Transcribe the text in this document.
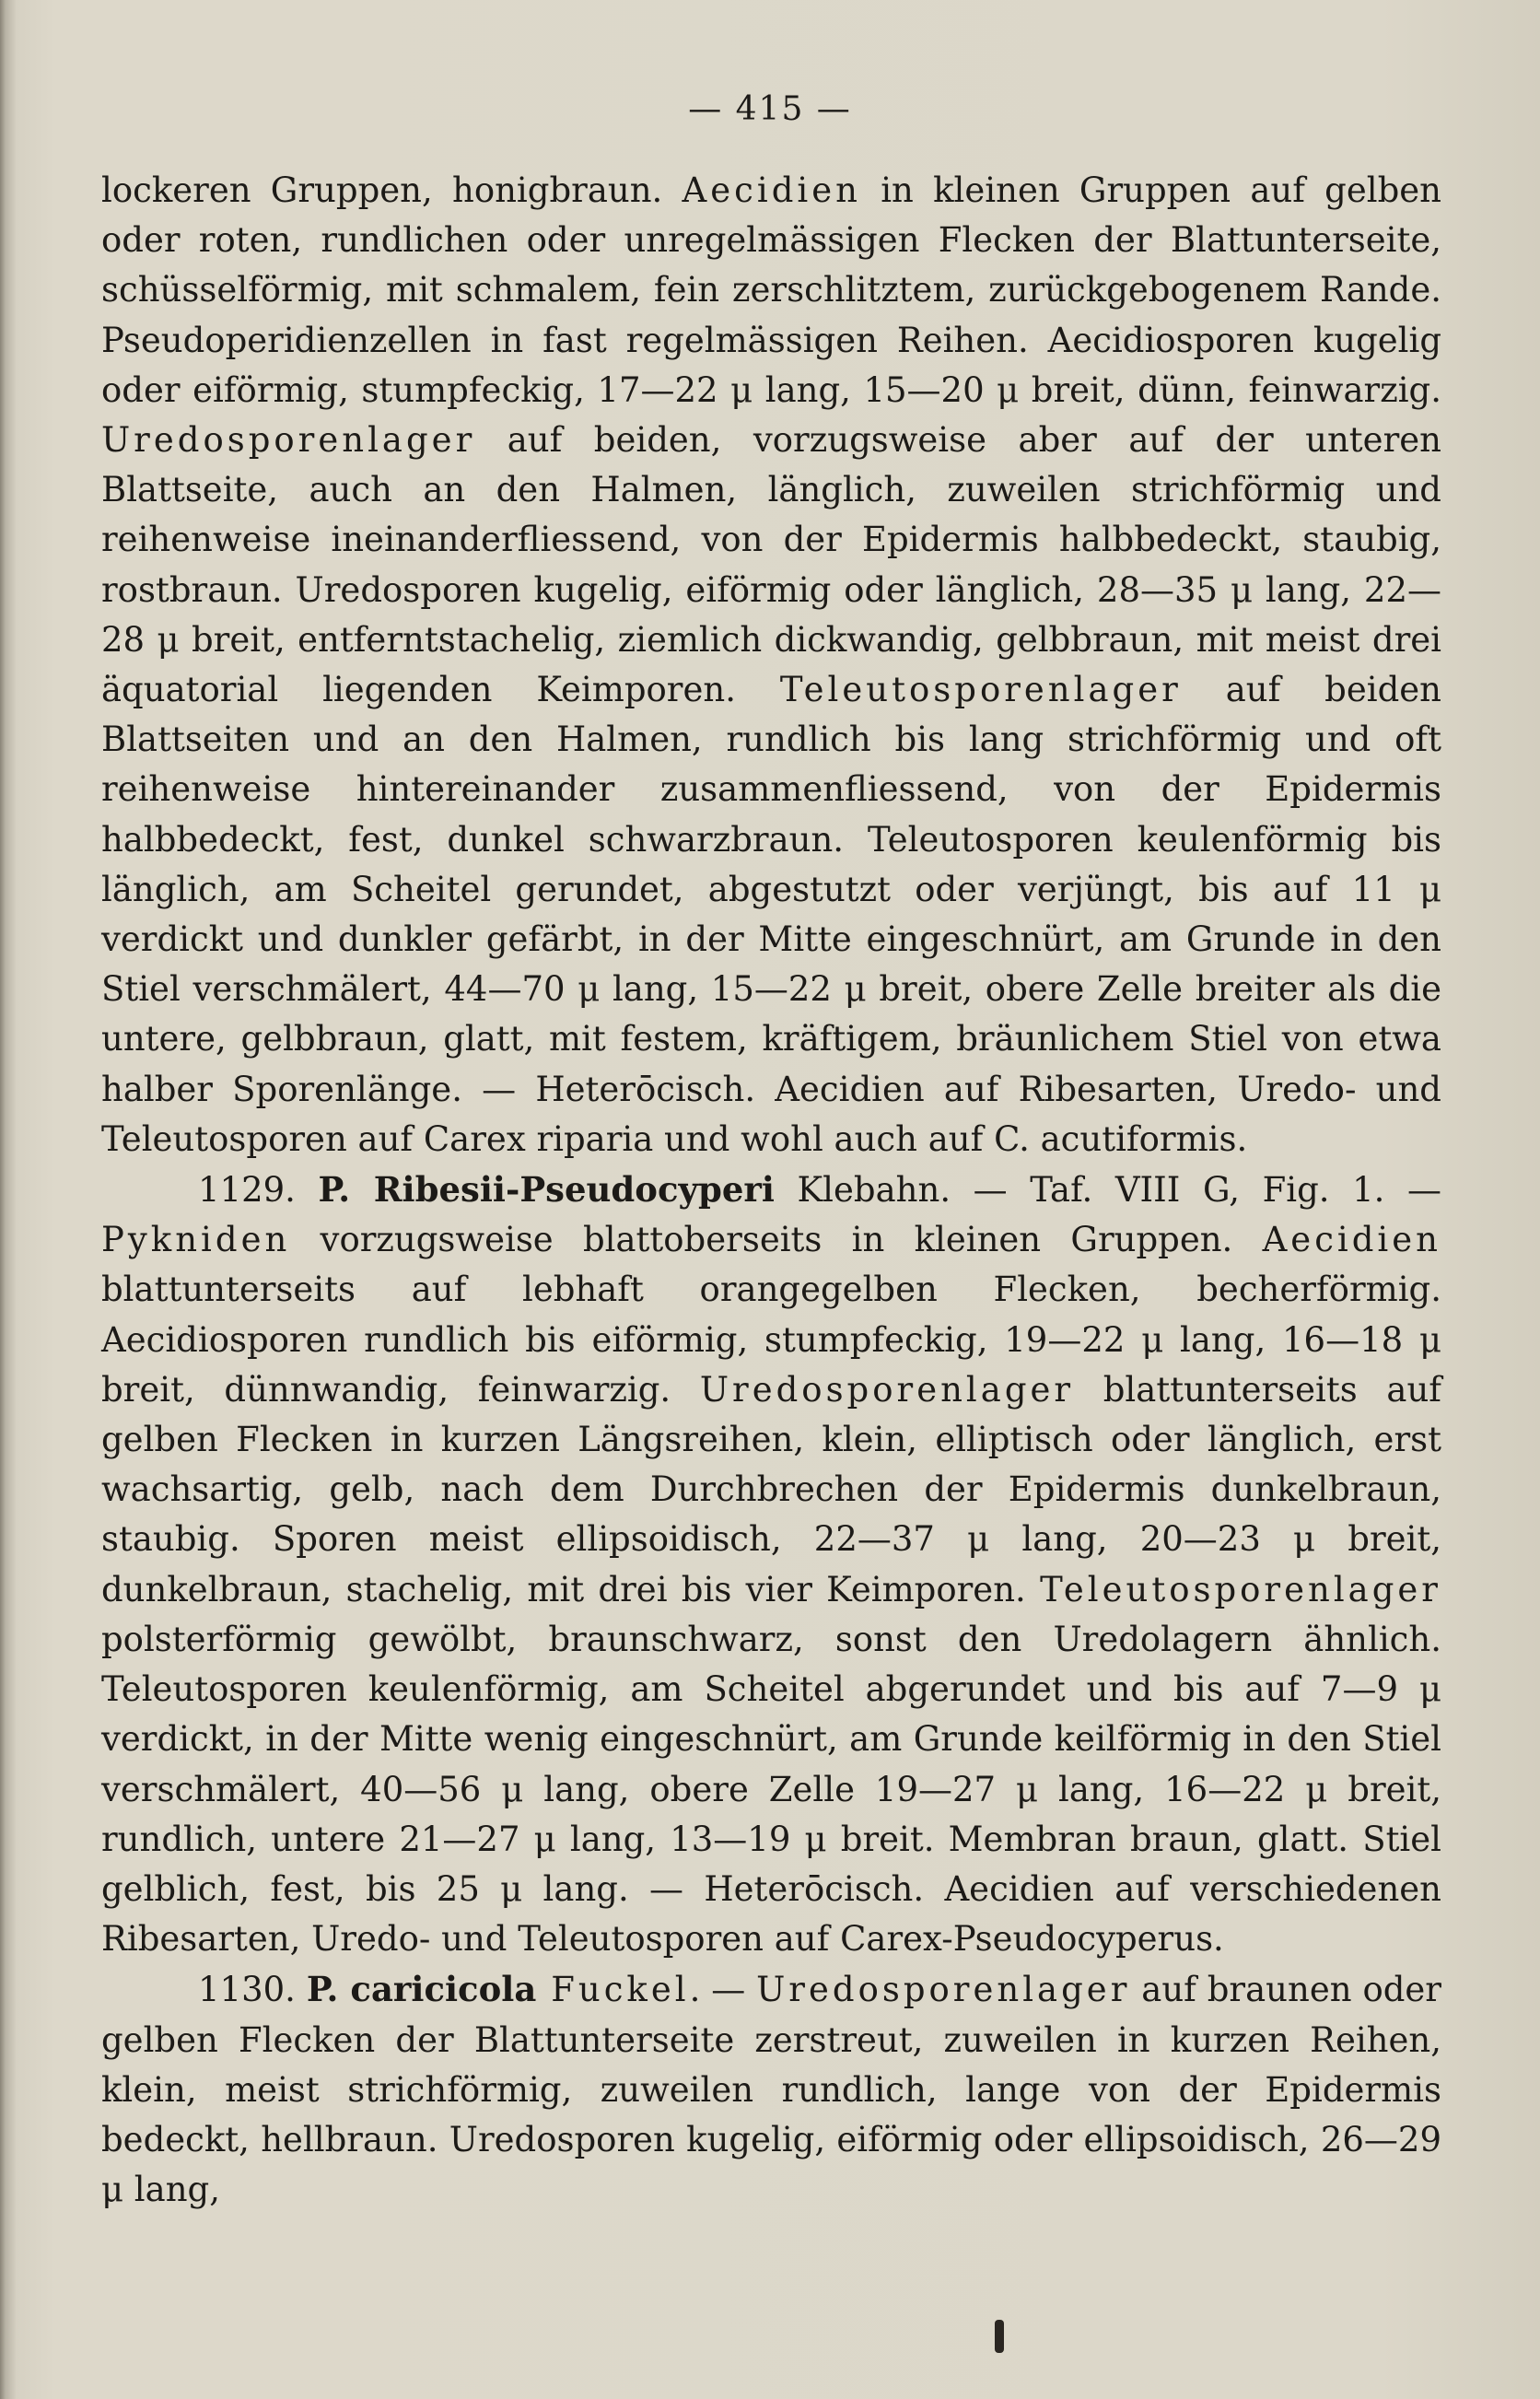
— 415 —

lockeren Gruppen, honigbraun. Aecidien in kleinen Gruppen auf gelben oder roten, rundlichen oder unregelmässigen Flecken der Blattunterseite, schüsselförmig, mit schmalem, fein zerschlitztem, zurückgebogenem Rande. Pseudoperidienzellen in fast regelmässigen Reihen. Aecidiosporen kugelig oder eiförmig, stumpfeckig, 17—22 μ lang, 15—20 μ breit, dünn, feinwarzig. Uredosporenlager auf beiden, vorzugsweise aber auf der unteren Blattseite, auch an den Halmen, länglich, zuweilen strichförmig und reihenweise ineinanderfliessend, von der Epidermis halbbedeckt, staubig, rostbraun. Uredosporen kugelig, eiförmig oder länglich, 28—35 μ lang, 22—28 μ breit, entferntstachelig, ziemlich dickwandig, gelbbraun, mit meist drei äquatorial liegenden Keimporen. Teleutosporenlager auf beiden Blattseiten und an den Halmen, rundlich bis lang strichförmig und oft reihenweise hintereinander zusammenfliessend, von der Epidermis halbbedeckt, fest, dunkel schwarzbraun. Teleutosporen keulenförmig bis länglich, am Scheitel gerundet, abgestutzt oder verjüngt, bis auf 11 μ verdickt und dunkler gefärbt, in der Mitte eingeschnürt, am Grunde in den Stiel verschmälert, 44—70 μ lang, 15—22 μ breit, obere Zelle breiter als die untere, gelbbraun, glatt, mit festem, kräftigem, bräunlichem Stiel von etwa halber Sporenlänge. — Heterōcisch. Aecidien auf Ribesarten, Uredo- und Teleutosporen auf Carex riparia und wohl auch auf C. acutiformis.

1129. P. Ribesii-Pseudocyperi Klebahn. — Taf. VIII G, Fig. 1. — Pykniden vorzugsweise blattoberseits in kleinen Gruppen. Aecidien blattunterseits auf lebhaft orangegelben Flecken, becherförmig. Aecidiosporen rundlich bis eiförmig, stumpfeckig, 19—22 μ lang, 16—18 μ breit, dünnwandig, feinwarzig. Uredosporenlager blattunterseits auf gelben Flecken in kurzen Längsreihen, klein, elliptisch oder länglich, erst wachsartig, gelb, nach dem Durchbrechen der Epidermis dunkelbraun, staubig. Sporen meist ellipsoidisch, 22—37 μ lang, 20—23 μ breit, dunkelbraun, stachelig, mit drei bis vier Keimporen. Teleutosporenlager polsterförmig gewölbt, braunschwarz, sonst den Uredolagern ähnlich. Teleutosporen keulenförmig, am Scheitel abgerundet und bis auf 7—9 μ verdickt, in der Mitte wenig eingeschnürt, am Grunde keilförmig in den Stiel verschmälert, 40—56 μ lang, obere Zelle 19—27 μ lang, 16—22 μ breit, rundlich, untere 21—27 μ lang, 13—19 μ breit. Membran braun, glatt. Stiel gelblich, fest, bis 25 μ lang. — Heterōcisch. Aecidien auf verschiedenen Ribesarten, Uredo- und Teleutosporen auf Carex-Pseudocyperus.

1130. P. caricicola Fuckel. — Uredosporenlager auf braunen oder gelben Flecken der Blattunterseite zerstreut, zuweilen in kurzen Reihen, klein, meist strichförmig, zuweilen rundlich, lange von der Epidermis bedeckt, hellbraun. Uredosporen kugelig, eiförmig oder ellipsoidisch, 26—29 μ lang,
